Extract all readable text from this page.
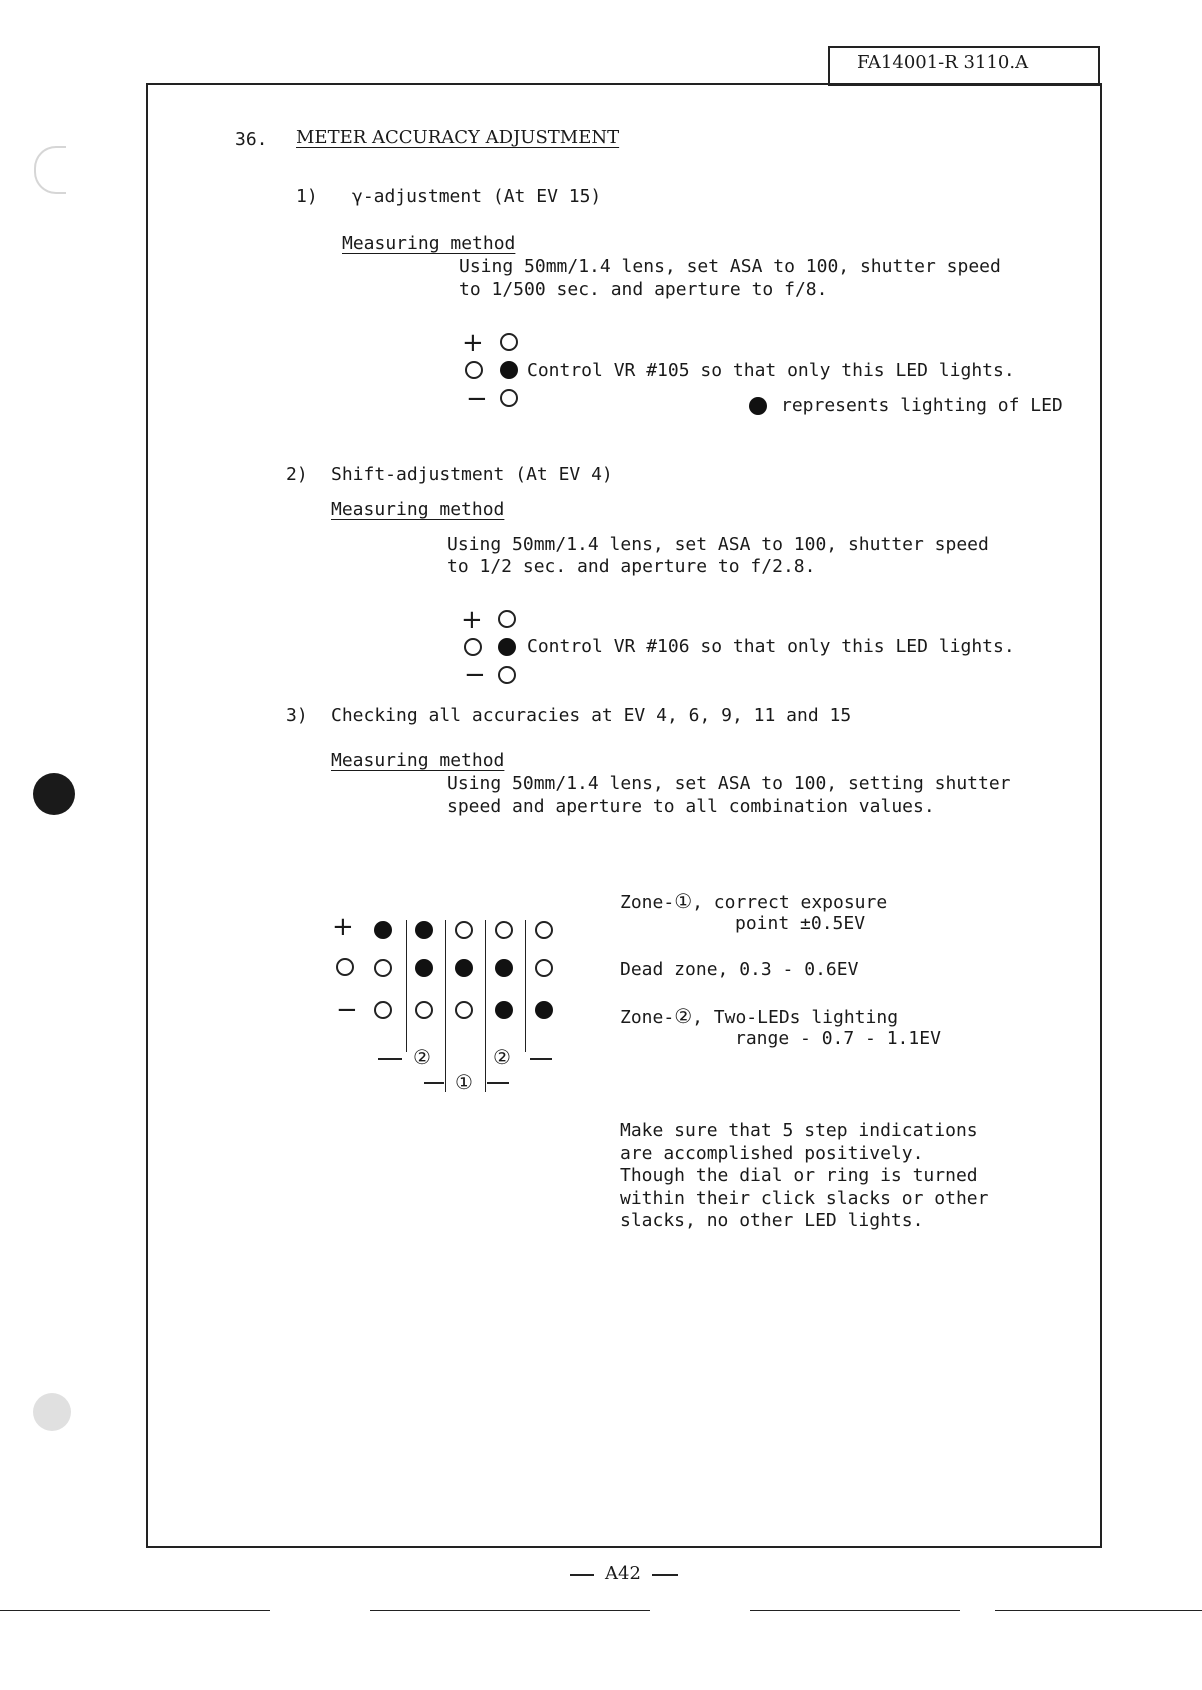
FA14001-R 3110.A
36. METER ACCURACY ADJUSTMENT
1) γ-adjustment (At EV 15)
Measuring method
Using 50mm/1.4 lens, set ASA to 100, shutter speed
to 1/500 sec. and aperture to f/8.
+
Control VR #105 so that only this LED lights.
−	represents lighting of LED
2) Shift-adjustment (At EV 4)
Measuring method
Using 50mm/1.4 lens, set ASA to 100, shutter speed
to 1/2 sec. and aperture to f/2.8.
+
Control VR #106 so that only this LED lights.
−
3) Checking all accuracies at EV 4, 6, 9, 11 and 15
Measuring method
Using 50mm/1.4 lens, set ASA to 100, setting shutter
speed and aperture to all combination values.
+
−
②	②
①
Zone-①, correct exposure
point ±0.5EV
Dead zone, 0.3 - 0.6EV
Zone-②, Two-LEDs lighting
range - 0.7 - 1.1EV
Make sure that 5 step indications
are accomplished positively.
Though the dial or ring is turned
within their click slacks or other
slacks, no other LED lights.
A42
